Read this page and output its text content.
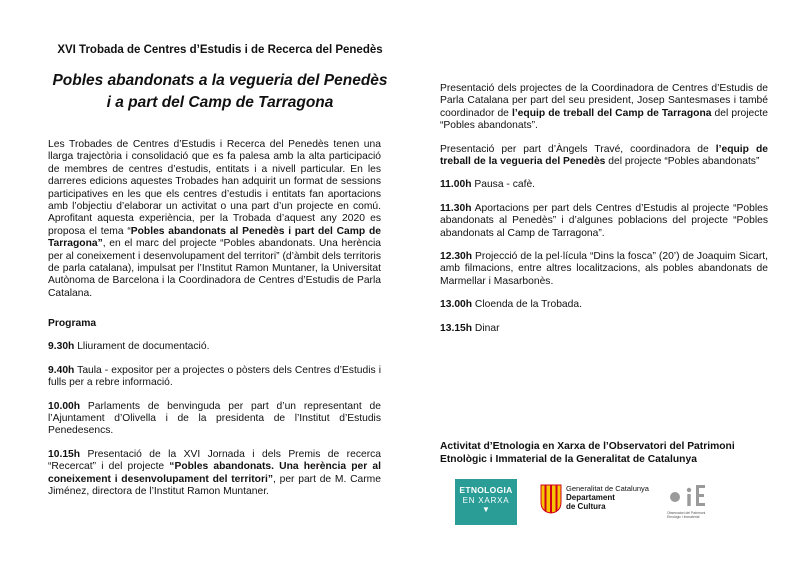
XVI Trobada de Centres d’Estudis i de Recerca del Penedès
Pobles abandonats a la vegueria del Penedès
i a part del Camp de Tarragona
Les Trobades de Centres d’Estudis i Recerca del Penedès tenen una llarga trajectòria i consolidació que es fa palesa amb la alta participació de membres de centres d’estudis, entitats i a nivell particular. En les darreres edicions aquestes Trobades han adquirit un format de sessions participatives en les que els centres d’estudis i entitats fan aportacions amb l’objectiu d’elaborar un activitat o una part d’un projecte en comú. Aprofitant aquesta experiència, per la Trobada d’aquest any 2020 es proposa el tema “Pobles abandonats al Penedès i part del Camp de Tarragona”, en el marc del projecte “Pobles abandonats. Una herència per al coneixement i desenvolupament del territori” (d’àmbit dels territoris de parla catalana), impulsat per l’Institut Ramon Muntaner, la Universitat Autònoma de Barcelona i la Coordinadora de Centres d’Estudis de Parla Catalana.
Programa
9.30h Lliurament de documentació.
9.40h Taula - expositor per a projectes o pòsters dels Centres d’Estudis i fulls per a rebre informació.
10.00h Parlaments de benvinguda per part d’un representant de l’Ajuntament d’Olivella i de la presidenta de l’Institut d’Estudis Penedesencs.
10.15h Presentació de la XVI Jornada i dels Premis de recerca “Recercat” i del projecte “Pobles abandonats. Una herència per al coneixement i desenvolupament del territori”, per part de M. Carme Jiménez, directora de l’Institut Ramon Muntaner.
Presentació dels projectes de la Coordinadora de Centres d’Estudis de Parla Catalana per part del seu president, Josep Santesmases i també coordinador de l’equip de treball del Camp de Tarragona del projecte “Pobles abandonats”.
Presentació per part d’Àngels Travé, coordinadora de l’equip de treball de la vegueria del Penedès del projecte “Pobles abandonats”
11.00h Pausa - cafè.
11.30h Aportacions per part dels Centres d’Estudis al projecte “Pobles abandonats al Penedès” i d’algunes poblacions del projecte “Pobles abandonats al Camp de Tarragona”.
12.30h Projecció de la pel·lícula “Dins la fosca” (20’) de Joaquim Sicart, amb filmacions, entre altres localitzacions, als pobles abandonats de Marmellar i Masarbonès.
13.00h Cloenda de la Trobada.
13.15h Dinar
Activitat d’Etnologia en Xarxa de l’Observatori del Patrimoni Etnològic i Immaterial de la Generalitat de Catalunya
ETNOLOGIA
EN XARXA
▼
Generalitat de Catalunya
Departament
de Cultura
Observatori del Patrimoni Etnològic i Immaterial
